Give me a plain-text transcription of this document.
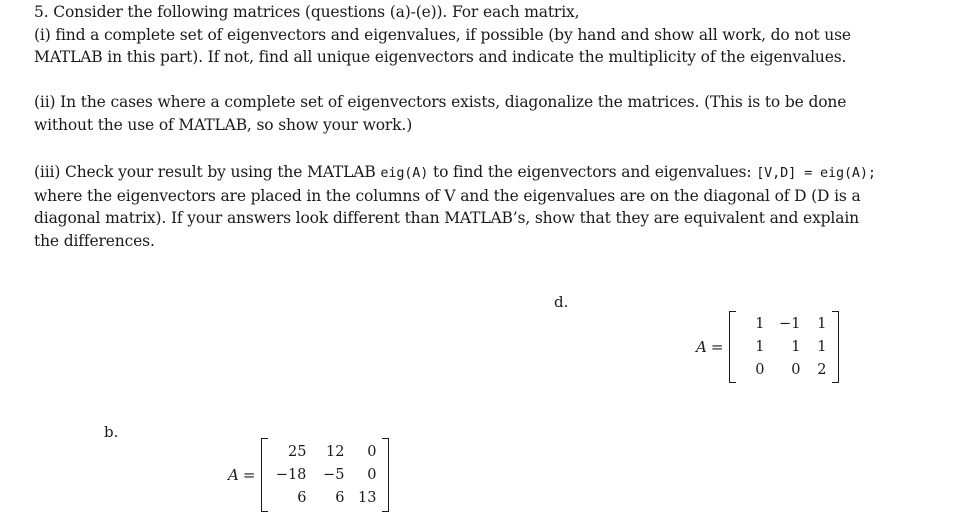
5. Consider the following matrices (questions (a)-(e)). For each matrix,
(i) find a complete set of eigenvectors and eigenvalues, if possible (by hand and show all work, do not use
MATLAB in this part). If not, find all unique eigenvectors and indicate the multiplicity of the eigenvalues.
(ii) In the cases where a complete set of eigenvectors exists, diagonalize the matrices. (This is to be done
without the use of MATLAB, so show your work.)
(iii) Check your result by using the MATLAB eig(A) to find the eigenvectors and eigenvalues: [V,D] = eig(A);
where the eigenvectors are placed in the columns of V and the eigenvalues are on the diagonal of D (D is a
diagonal matrix). If your answers look different than MATLAB’s, show that they are equivalent and explain
the differences.
d.
A =
1	−1	1
1	1	1
0	0	2
b.
A =
25	12	0
−18	−5	0
6	6 13
